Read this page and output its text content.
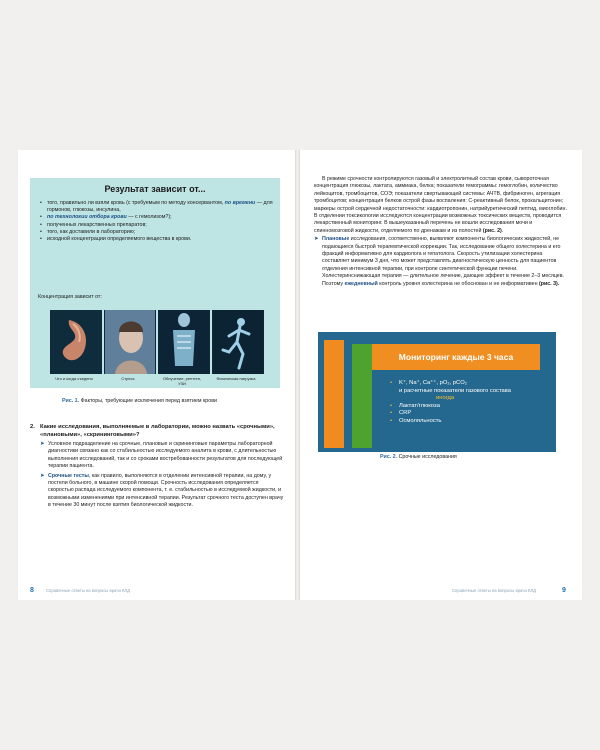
Результат зависит от...
• того, правильно ли взяли кровь (с требуемым по методу консервантом, по времени — для гормонов, глюкозы, инсулина,
• по технологии отбора крови — с гемолизом?);
• полученных лекарственных препаратов;
• того, как доставили в лабораторию;
• исходной концентрации определяемого вещества в крови.
Концентрация зависит от:
Что и когда съедено	Стресс	Облучение, рентген, УЗИ
Физическая нагрузка
Рис. 1. Факторы, требующие исключения перед взятием крови
2. Какие исследования, выполняемые в лаборатории, можно назвать «срочными», «плановыми», «скрининговыми»?
➤ Условное подразделение на срочные, плановые и скрининговые параметры лабораторной диагностики связано как со стабильностью исследуемого аналита в крови, с длительностью выполнения исследований, так и со сроками востребованности результатов для последующей терапии пациента.
➤ Срочные тесты, как правило, выполняются в отделении интенсивной терапии, на дому, у постели больного, в машине скорой помощи. Срочность исследования определяется скоростью распада исследуемого компонента, т. е. стабильностью в исследуемой жидкости, и возможными изменениями при интенсивной терапии. Результат срочного теста доступен врачу в течение 30 минут после взятия биологической жидкости.
8	Справочные ответы на вопросы врача КЛД
В режиме срочности контролируются газовый и электролитный состав крови, сывороточная концентрация глюкозы, лактата, аммиака, белка; показатели гемограммы: гемоглобин, количество лейкоцитов, тромбоцитов, СОЭ; показатели свертывающей системы: АЧТВ, фибриноген, агрегация тромбоцитов; концентрация белков острой фазы воспаления: С-реактивный белок, прокальцитонин; маркеры острой сердечной недостаточности: кардиотропонин, натрийуретический пептид, миоглобин. В отделении токсикологии исследуются концентрации возможных токсических веществ, проводится лекарственный мониторинг. В вышеуказанный перечень не вошли исследования мочи и спинномозговой жидкости, отделяемого по дренажам и из полостей (рис. 2).
➤ Плановые исследования, соответственно, выявляют компоненты биологических жидкостей, не подающиеся быстрой терапевтической коррекции. Так, исследование общего холестерина и его фракций информативно для кардиолога и гепатолога. Скорость утилизации холестерина составляет минимум 3 дня, что может представлять диагностическую ценность для пациентов отделения интенсивной терапии, при контроле синтетической функции печени. Холестеринснижающая терапия — длительное лечение, дающее эффект в течение 2–3 месяцев. Поэтому ежедневный контроль уровня холестерина не обоснован и не информативен (рис. 3).
Мониторинг каждые 3 часа
• K⁺, Na⁺, Ca⁺⁺, pO₂, pCO₂
и расчетные показатели газового состава
иногда
• Лактат/глюкоза
• CRP
• Осмоляльность
Рис. 2. Срочные исследования
Справочные ответы на вопросы врача КЛД	9
